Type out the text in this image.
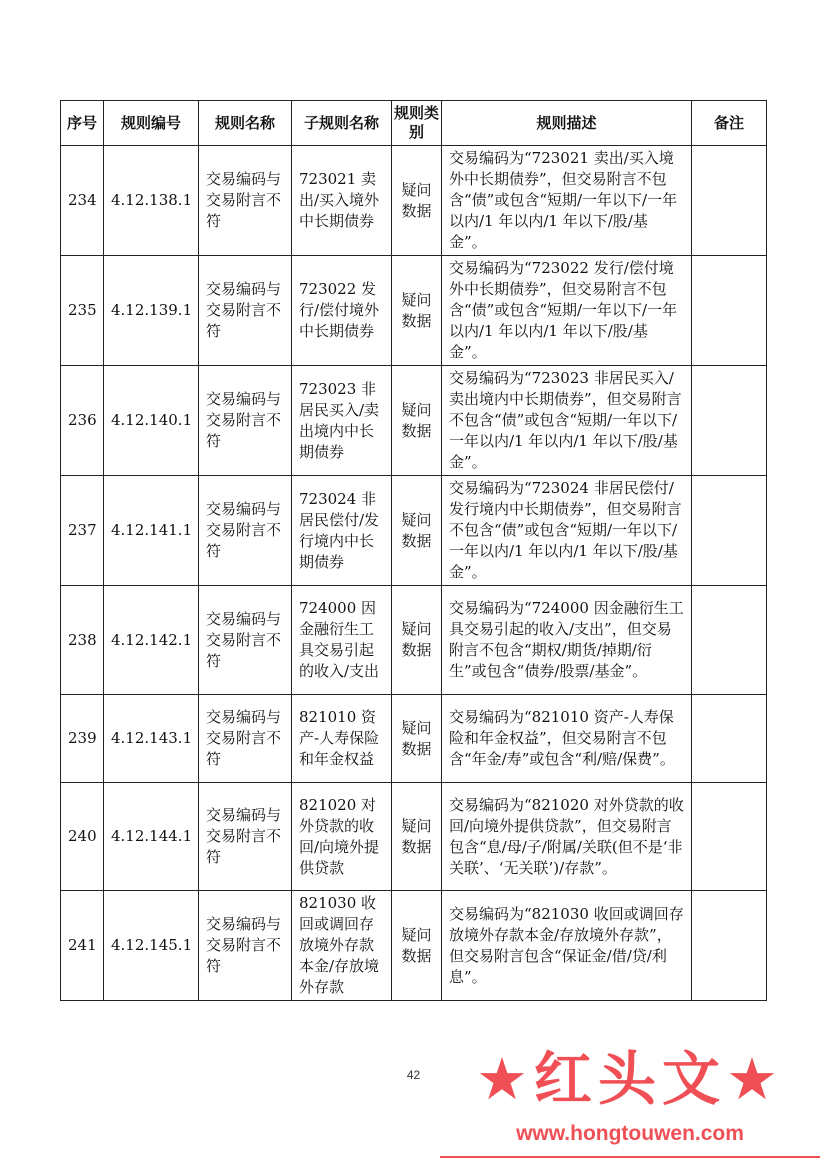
序号	规则编号	规则名称	子规则名称	规则类别	规则描述	备注
234	4.12.138.1	交易编码与交易附言不符	723021 卖出/买入境外中长期债券	疑问数据	交易编码为“723021 卖出/买入境外中长期债券”，但交易附言不包含“债”或包含“短期/一年以下/一年以内/1 年以内/1 年以下/股/基金”。	
235	4.12.139.1	交易编码与交易附言不符	723022 发行/偿付境外中长期债券	疑问数据	交易编码为“723022 发行/偿付境外中长期债券”，但交易附言不包含“债”或包含“短期/一年以下/一年以内/1 年以内/1 年以下/股/基金”。	
236	4.12.140.1	交易编码与交易附言不符	723023 非居民买入/卖出境内中长期债券	疑问数据	交易编码为“723023 非居民买入/卖出境内中长期债券”，但交易附言不包含“债”或包含“短期/一年以下/一年以内/1 年以内/1 年以下/股/基金”。	
237	4.12.141.1	交易编码与交易附言不符	723024 非居民偿付/发行境内中长期债券	疑问数据	交易编码为“723024 非居民偿付/发行境内中长期债券”，但交易附言不包含“债”或包含“短期/一年以下/一年以内/1 年以内/1 年以下/股/基金”。	
238	4.12.142.1	交易编码与交易附言不符	724000 因金融衍生工具交易引起的收入/支出	疑问数据	交易编码为“724000 因金融衍生工具交易引起的收入/支出”，但交易附言不包含“期权/期货/掉期/衍生”或包含“债券/股票/基金”。	
239	4.12.143.1	交易编码与交易附言不符	821010 资产-人寿保险和年金权益	疑问数据	交易编码为“821010 资产-人寿保险和年金权益”，但交易附言不包含“年金/寿”或包含“利/赔/保费”。	
240	4.12.144.1	交易编码与交易附言不符	821020 对外贷款的收回/向境外提供贷款	疑问数据	交易编码为“821020 对外贷款的收回/向境外提供贷款”，但交易附言包含“息/母/子/附属/关联(但不是‘非关联’、‘无关联’)/存款”。	
241	4.12.145.1	交易编码与交易附言不符	821030 收回或调回存放境外存款本金/存放境外存款	疑问数据	交易编码为“821030 收回或调回存放境外存款本金/存放境外存款”，但交易附言包含“保证金/借/贷/利息”。	
42 ★红头文★
www.hongtouwen.com
